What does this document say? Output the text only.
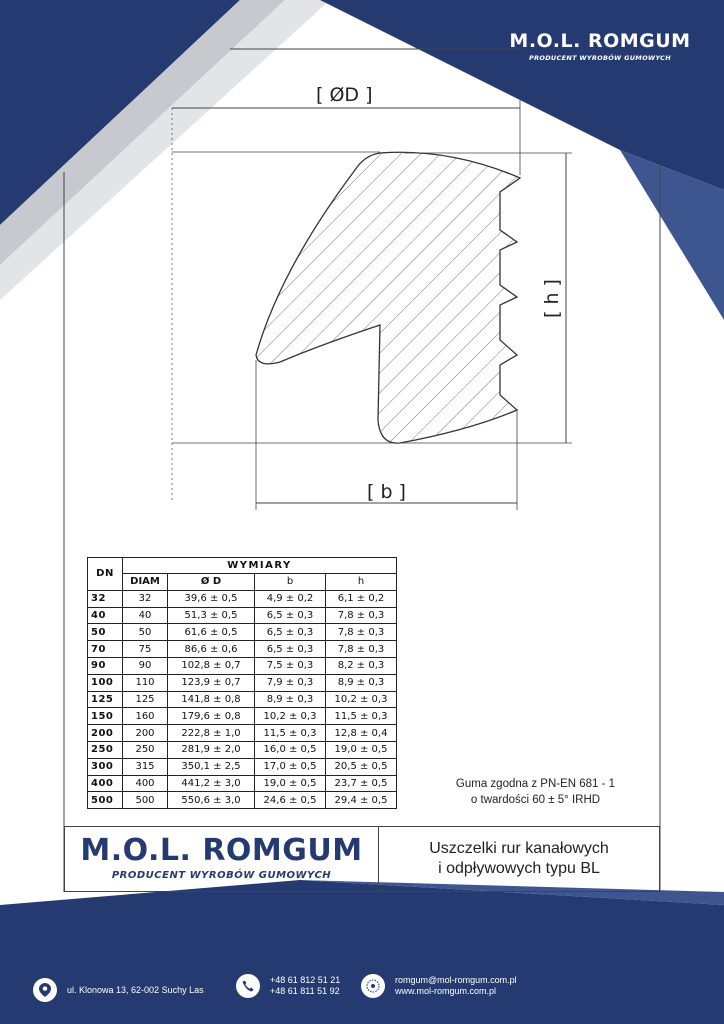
M.O.L. ROMGUM
PRODUCENT WYROBÓW GUMOWYCH
[ ØD ]
[ b ]
[ h ]
DN	WYMIARY			
	DIAM	Ø D	b	h
32	32	39,6 ± 0,5	4,9 ± 0,2	6,1 ± 0,2
40	40	51,3 ± 0,5	6,5 ± 0,3	7,8 ± 0,3
50	50	61,6 ± 0,5	6,5 ± 0,3	7,8 ± 0,3
70	75	86,6 ± 0,6	6,5 ± 0,3	7,8 ± 0,3
90	90	102,8 ± 0,7	7,5 ± 0,3	8,2 ± 0,3
100	110	123,9 ± 0,7	7,9 ± 0,3	8,9 ± 0,3
125	125	141,8 ± 0,8	8,9 ± 0,3	10,2 ± 0,3
150	160	179,6 ± 0,8	10,2 ± 0,3	11,5 ± 0,3
200	200	222,8 ± 1,0	11,5 ± 0,3	12,8 ± 0,4
250	250	281,9 ± 2,0	16,0 ± 0,5	19,0 ± 0,5
300	315	350,1 ± 2,5	17,0 ± 0,5	20,5 ± 0,5
400	400	441,2 ± 3,0	19,0 ± 0,5	23,7 ± 0,5
500	500	550,6 ± 3,0	24,6 ± 0,5	29,4 ± 0,5
Guma zgodna z PN-EN 681 - 1
o twardości 60 ± 5° IRHD
M.O.L. ROMGUM
PRODUCENT WYROBÓW GUMOWYCH
Uszczelki rur kanałowych
i odpływowych typu BL
ul. Klonowa 13, 62-002 Suchy Las
+48 61 812 51 21
+48 61 811 51 92
romgum@mol-romgum.com.pl
www.mol-romgum.com.pl
